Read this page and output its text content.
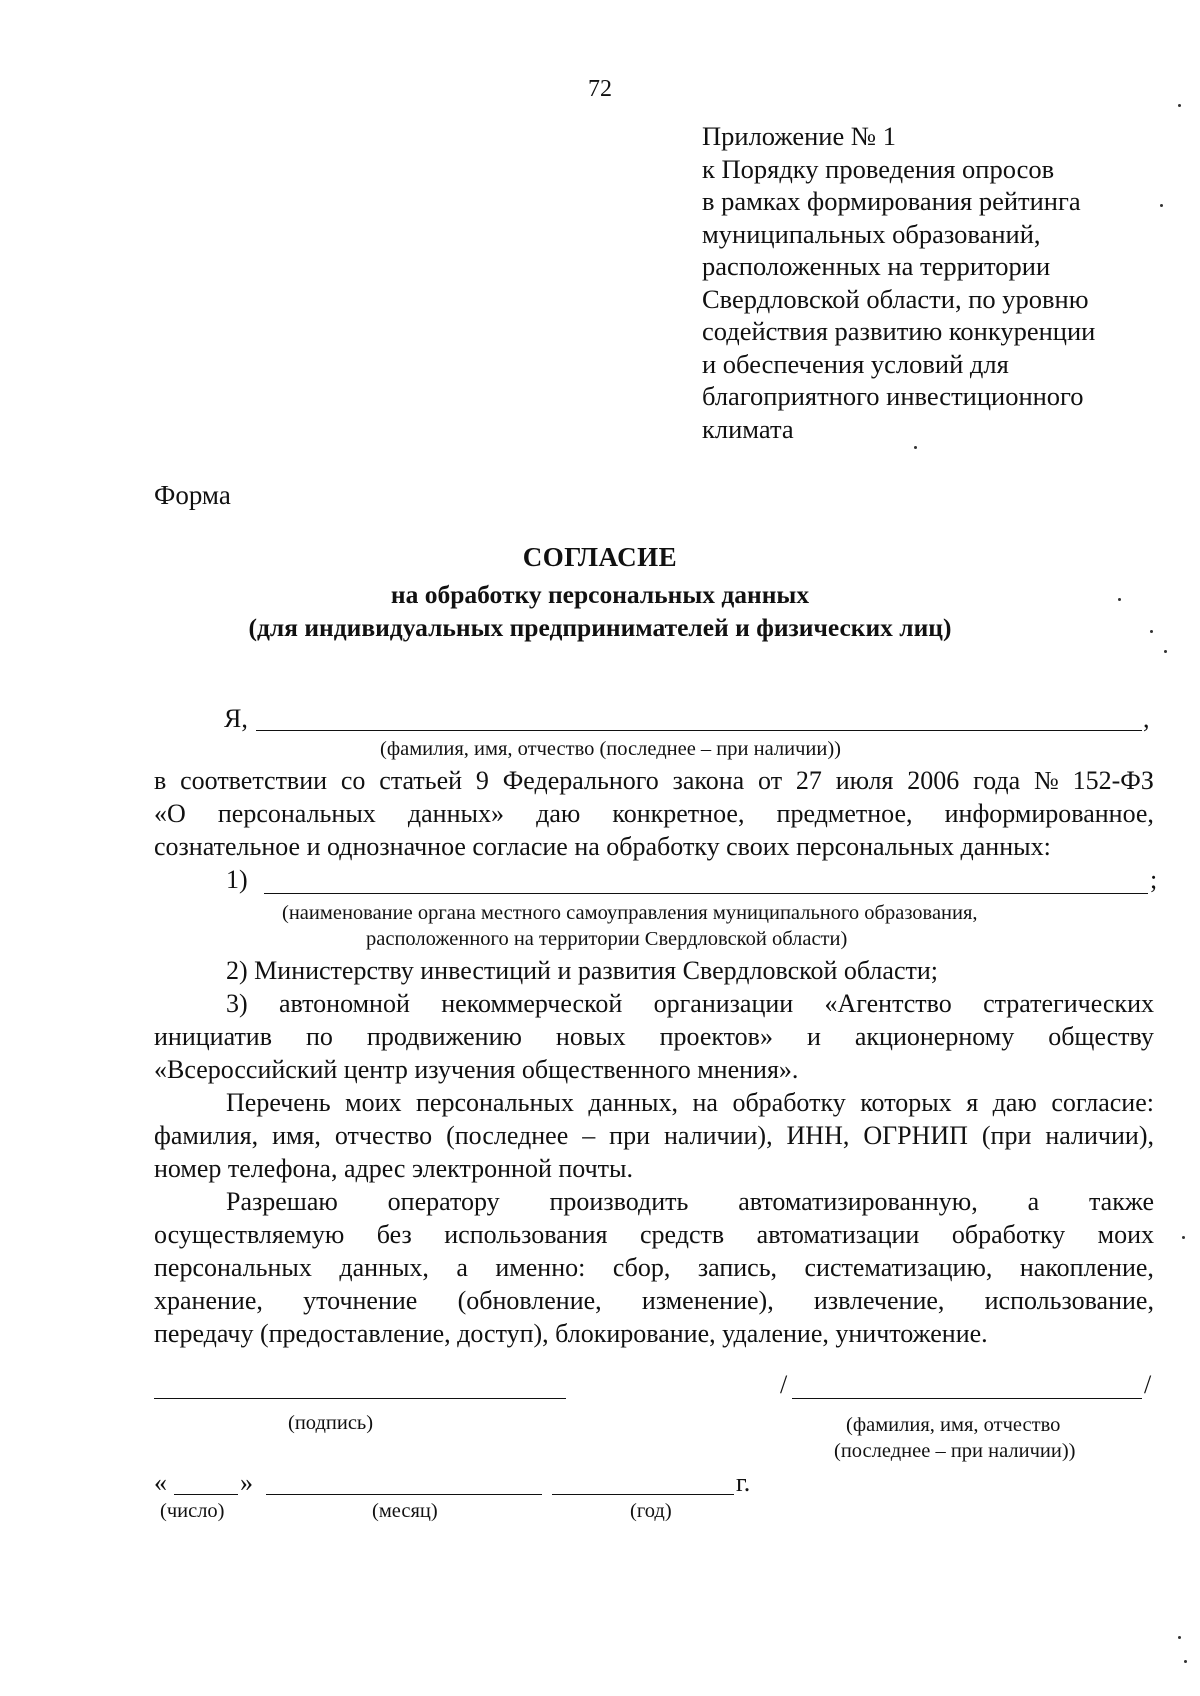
72
Приложение № 1
к Порядку проведения опросов
в рамках формирования рейтинга
муниципальных образований,
расположенных на территории
Свердловской области, по уровню
содействия развитию конкуренции
и обеспечения условий для
благоприятного инвестиционного
климата
Форма
СОГЛАСИЕ
на обработку персональных данных
(для индивидуальных предпринимателей и физических лиц)
Я,	,
(фамилия, имя, отчество (последнее – при наличии))
в соответствии со статьей 9 Федерального закона от 27 июля 2006 года № 152-ФЗ
«О персональных данных» даю конкретное, предметное, информированное,
сознательное и однозначное согласие на обработку своих персональных данных:
1)	;
(наименование органа местного самоуправления муниципального образования,
расположенного на территории Свердловской области)
2) Министерству инвестиций и развития Свердловской области;
3) автономной некоммерческой организации «Агентство стратегических
инициатив по продвижению новых проектов» и акционерному обществу
«Всероссийский центр изучения общественного мнения».
Перечень моих персональных данных, на обработку которых я даю согласие:
фамилия, имя, отчество (последнее – при наличии), ИНН, ОГРНИП (при наличии),
номер телефона, адрес электронной почты.
Разрешаю оператору производить автоматизированную, а также
осуществляемую без использования средств автоматизации обработку моих
персональных данных, а именно: сбор, запись, систематизацию, накопление,
хранение, уточнение (обновление, изменение), извлечение, использование,
передачу (предоставление, доступ), блокирование, удаление, уничтожение.
(подпись)
/	/
(фамилия, имя, отчество
(последнее – при наличии))
«	»	г.
(число)	(месяц)	(год)
